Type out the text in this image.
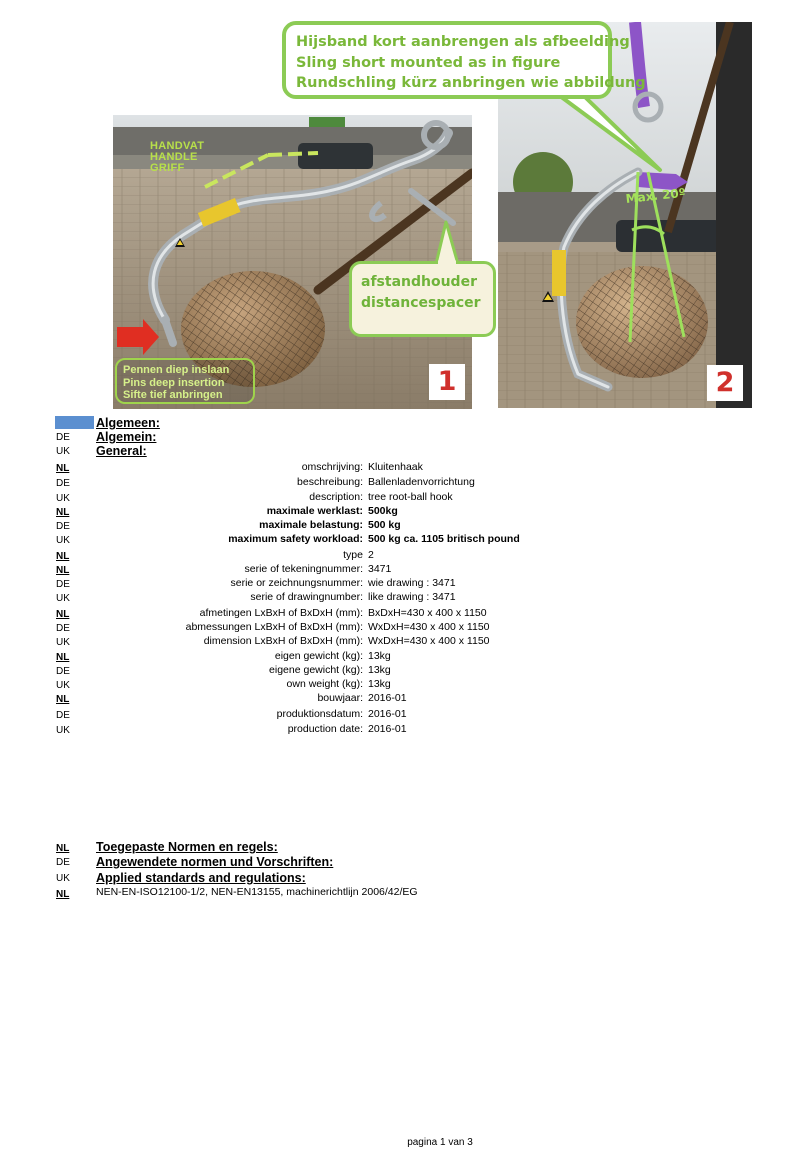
HANDVAT
HANDLE
GRIFF
Pennen diep inslaan
Pins deep insertion
Sifte tief anbringen	1
Max. 20º
2
Hijsband kort aanbrengen als afbeelding
Sling short mounted as in figure
Rundschling kürz anbringen wie abbildung
afstandhouder
distancespacer
Algemeen:
DE Algemein:
UK General:
NL	omschrijving: Kluitenhaak
DE	beschreibung: Ballenladenvorrichtung
UK	description: tree root-ball hook
NL	maximale werklast: 500kg
DE	maximale belastung: 500 kg
UK	maximum safety workload: 500 kg ca. 1105 britisch pound
NL	type 2
NL	serie of tekeningnummer: 3471
DE	serie or zeichnungsnummer: wie drawing : 3471
UK	serie of drawingnumber: like drawing : 3471
NL	afmetingen LxBxH of BxDxH (mm): BxDxH=430 x 400 x 1150
DE	abmessungen LxBxH of BxDxH (mm): WxDxH=430 x 400 x 1150
UK	dimension LxBxH of BxDxH (mm): WxDxH=430 x 400 x 1150
NL	eigen gewicht (kg): 13kg
DE	eigene gewicht (kg): 13kg
UK	own weight (kg): 13kg
NL	bouwjaar: 2016-01
DE	produktionsdatum: 2016-01
UK	production date: 2016-01
NL Toegepaste Normen en regels:
DE Angewendete normen und Vorschriften:
UK Applied standards and regulations:
NL	NEN-EN-ISO12100-1/2, NEN-EN13155, machinerichtlijn 2006/42/EG
pagina 1 van 3
